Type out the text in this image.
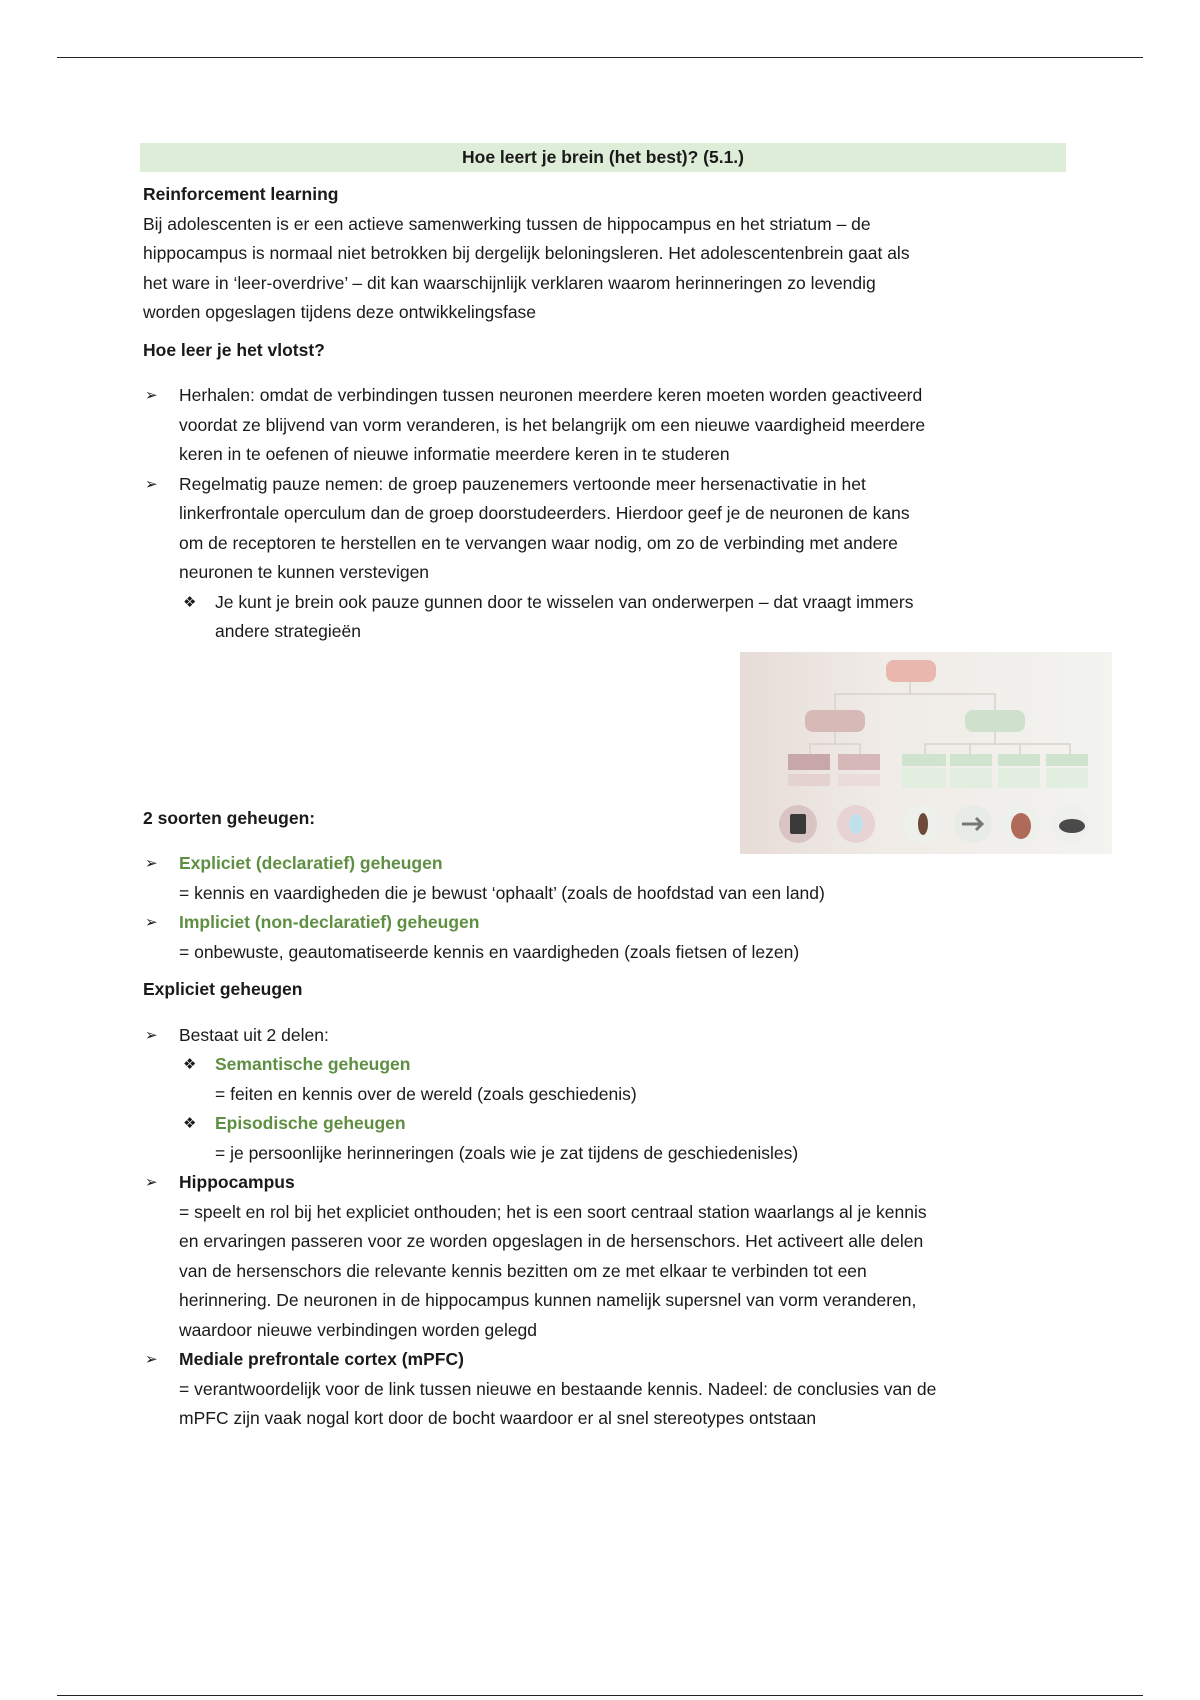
Hoe leert je brein (het best)? (5.1.)

Reinforcement learning

Bij adolescenten is er een actieve samenwerking tussen de hippocampus en het striatum – de

hippocampus is normaal niet betrokken bij dergelijk beloningsleren. Het adolescentenbrein gaat als

het ware in ‘leer-overdrive’ – dit kan waarschijnlijk verklaren waarom herinneringen zo levendig

worden opgeslagen tijdens deze ontwikkelingsfase

Hoe leer je het vlotst?

➢ Herhalen: omdat de verbindingen tussen neuronen meerdere keren moeten worden geactiveerd

voordat ze blijvend van vorm veranderen, is het belangrijk om een nieuwe vaardigheid meerdere

keren in te oefenen of nieuwe informatie meerdere keren in te studeren

➢ Regelmatig pauze nemen: de groep pauzenemers vertoonde meer hersenactivatie in het

linkerfrontale operculum dan de groep doorstudeerders. Hierdoor geef je de neuronen de kans

om de receptoren te herstellen en te vervangen waar nodig, om zo de verbinding met andere

neuronen te kunnen verstevigen

❖ Je kunt je brein ook pauze gunnen door te wisselen van onderwerpen – dat vraagt immers

andere strategieën

2 soorten geheugen:

➢ Expliciet (declaratief) geheugen

= kennis en vaardigheden die je bewust ‘ophaalt’ (zoals de hoofdstad van een land)

➢ Impliciet (non-declaratief) geheugen

= onbewuste, geautomatiseerde kennis en vaardigheden (zoals fietsen of lezen)

Expliciet geheugen

➢ Bestaat uit 2 delen:

❖ Semantische geheugen

= feiten en kennis over de wereld (zoals geschiedenis)

❖ Episodische geheugen

= je persoonlijke herinneringen (zoals wie je zat tijdens de geschiedenisles)

➢ Hippocampus

= speelt en rol bij het expliciet onthouden; het is een soort centraal station waarlangs al je kennis

en ervaringen passeren voor ze worden opgeslagen in de hersenschors. Het activeert alle delen

van de hersenschors die relevante kennis bezitten om ze met elkaar te verbinden tot een

herinnering. De neuronen in de hippocampus kunnen namelijk supersnel van vorm veranderen,

waardoor nieuwe verbindingen worden gelegd

➢ Mediale prefrontale cortex (mPFC)

= verantwoordelijk voor de link tussen nieuwe en bestaande kennis. Nadeel: de conclusies van de

mPFC zijn vaak nogal kort door de bocht waardoor er al snel stereotypes ontstaan
